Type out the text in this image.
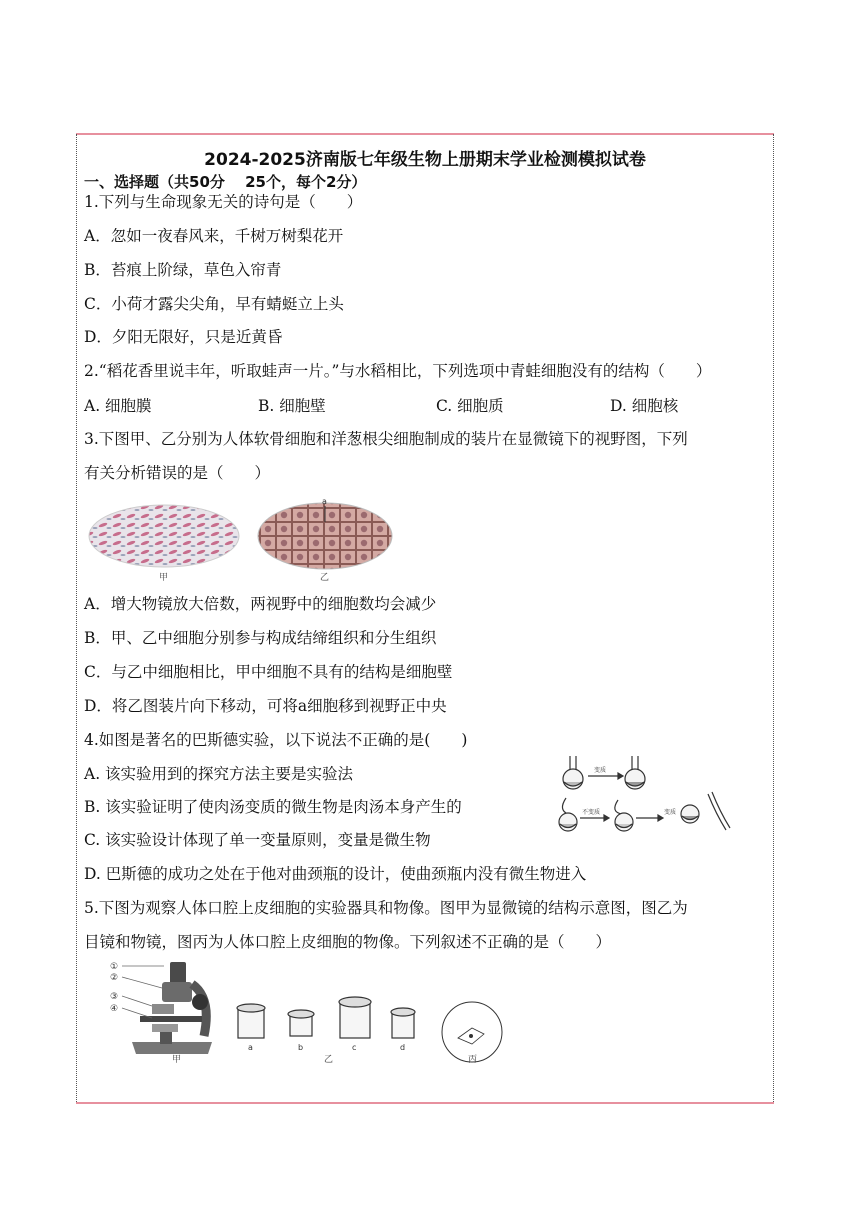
2024-2025济南版七年级生物上册期末学业检测模拟试卷
一、选择题（共50分　 25个，每个2分）
1.下列与生命现象无关的诗句是（　　）
A．忽如一夜春风来，千树万树梨花开
B．苔痕上阶绿，草色入帘青
C．小荷才露尖尖角，早有蜻蜓立上头
D．夕阳无限好，只是近黄昏
2.“稻花香里说丰年，听取蛙声一片。”与水稻相比，下列选项中青蛙细胞没有的结构（　　）
A. 细胞膜	B. 细胞壁	C. 细胞质	D. 细胞核
3.下图甲、乙分别为人体软骨细胞和洋葱根尖细胞制成的装片在显微镜下的视野图，下列
有关分析错误的是（　　）
a
甲	乙
A．增大物镜放大倍数，两视野中的细胞数均会减少
B．甲、乙中细胞分别参与构成结缔组织和分生组织
C．与乙中细胞相比，甲中细胞不具有的结构是细胞壁
D．将乙图装片向下移动，可将a细胞移到视野正中央
4.如图是著名的巴斯德实验，以下说法不正确的是(　　)
A. 该实验用到的探究方法主要是实验法
B. 该实验证明了使肉汤变质的微生物是肉汤本身产生的
C. 该实验设计体现了单一变量原则，变量是微生物
D. 巴斯德的成功之处在于他对曲颈瓶的设计，使曲颈瓶内没有微生物进入
变质
不变质	变质
5.下图为观察人体口腔上皮细胞的实验器具和物像。图甲为显微镜的结构示意图，图乙为
目镜和物镜，图丙为人体口腔上皮细胞的物像。下列叙述不正确的是（　　）
①
②
③
④
甲
a	b	c	d
乙	丙
